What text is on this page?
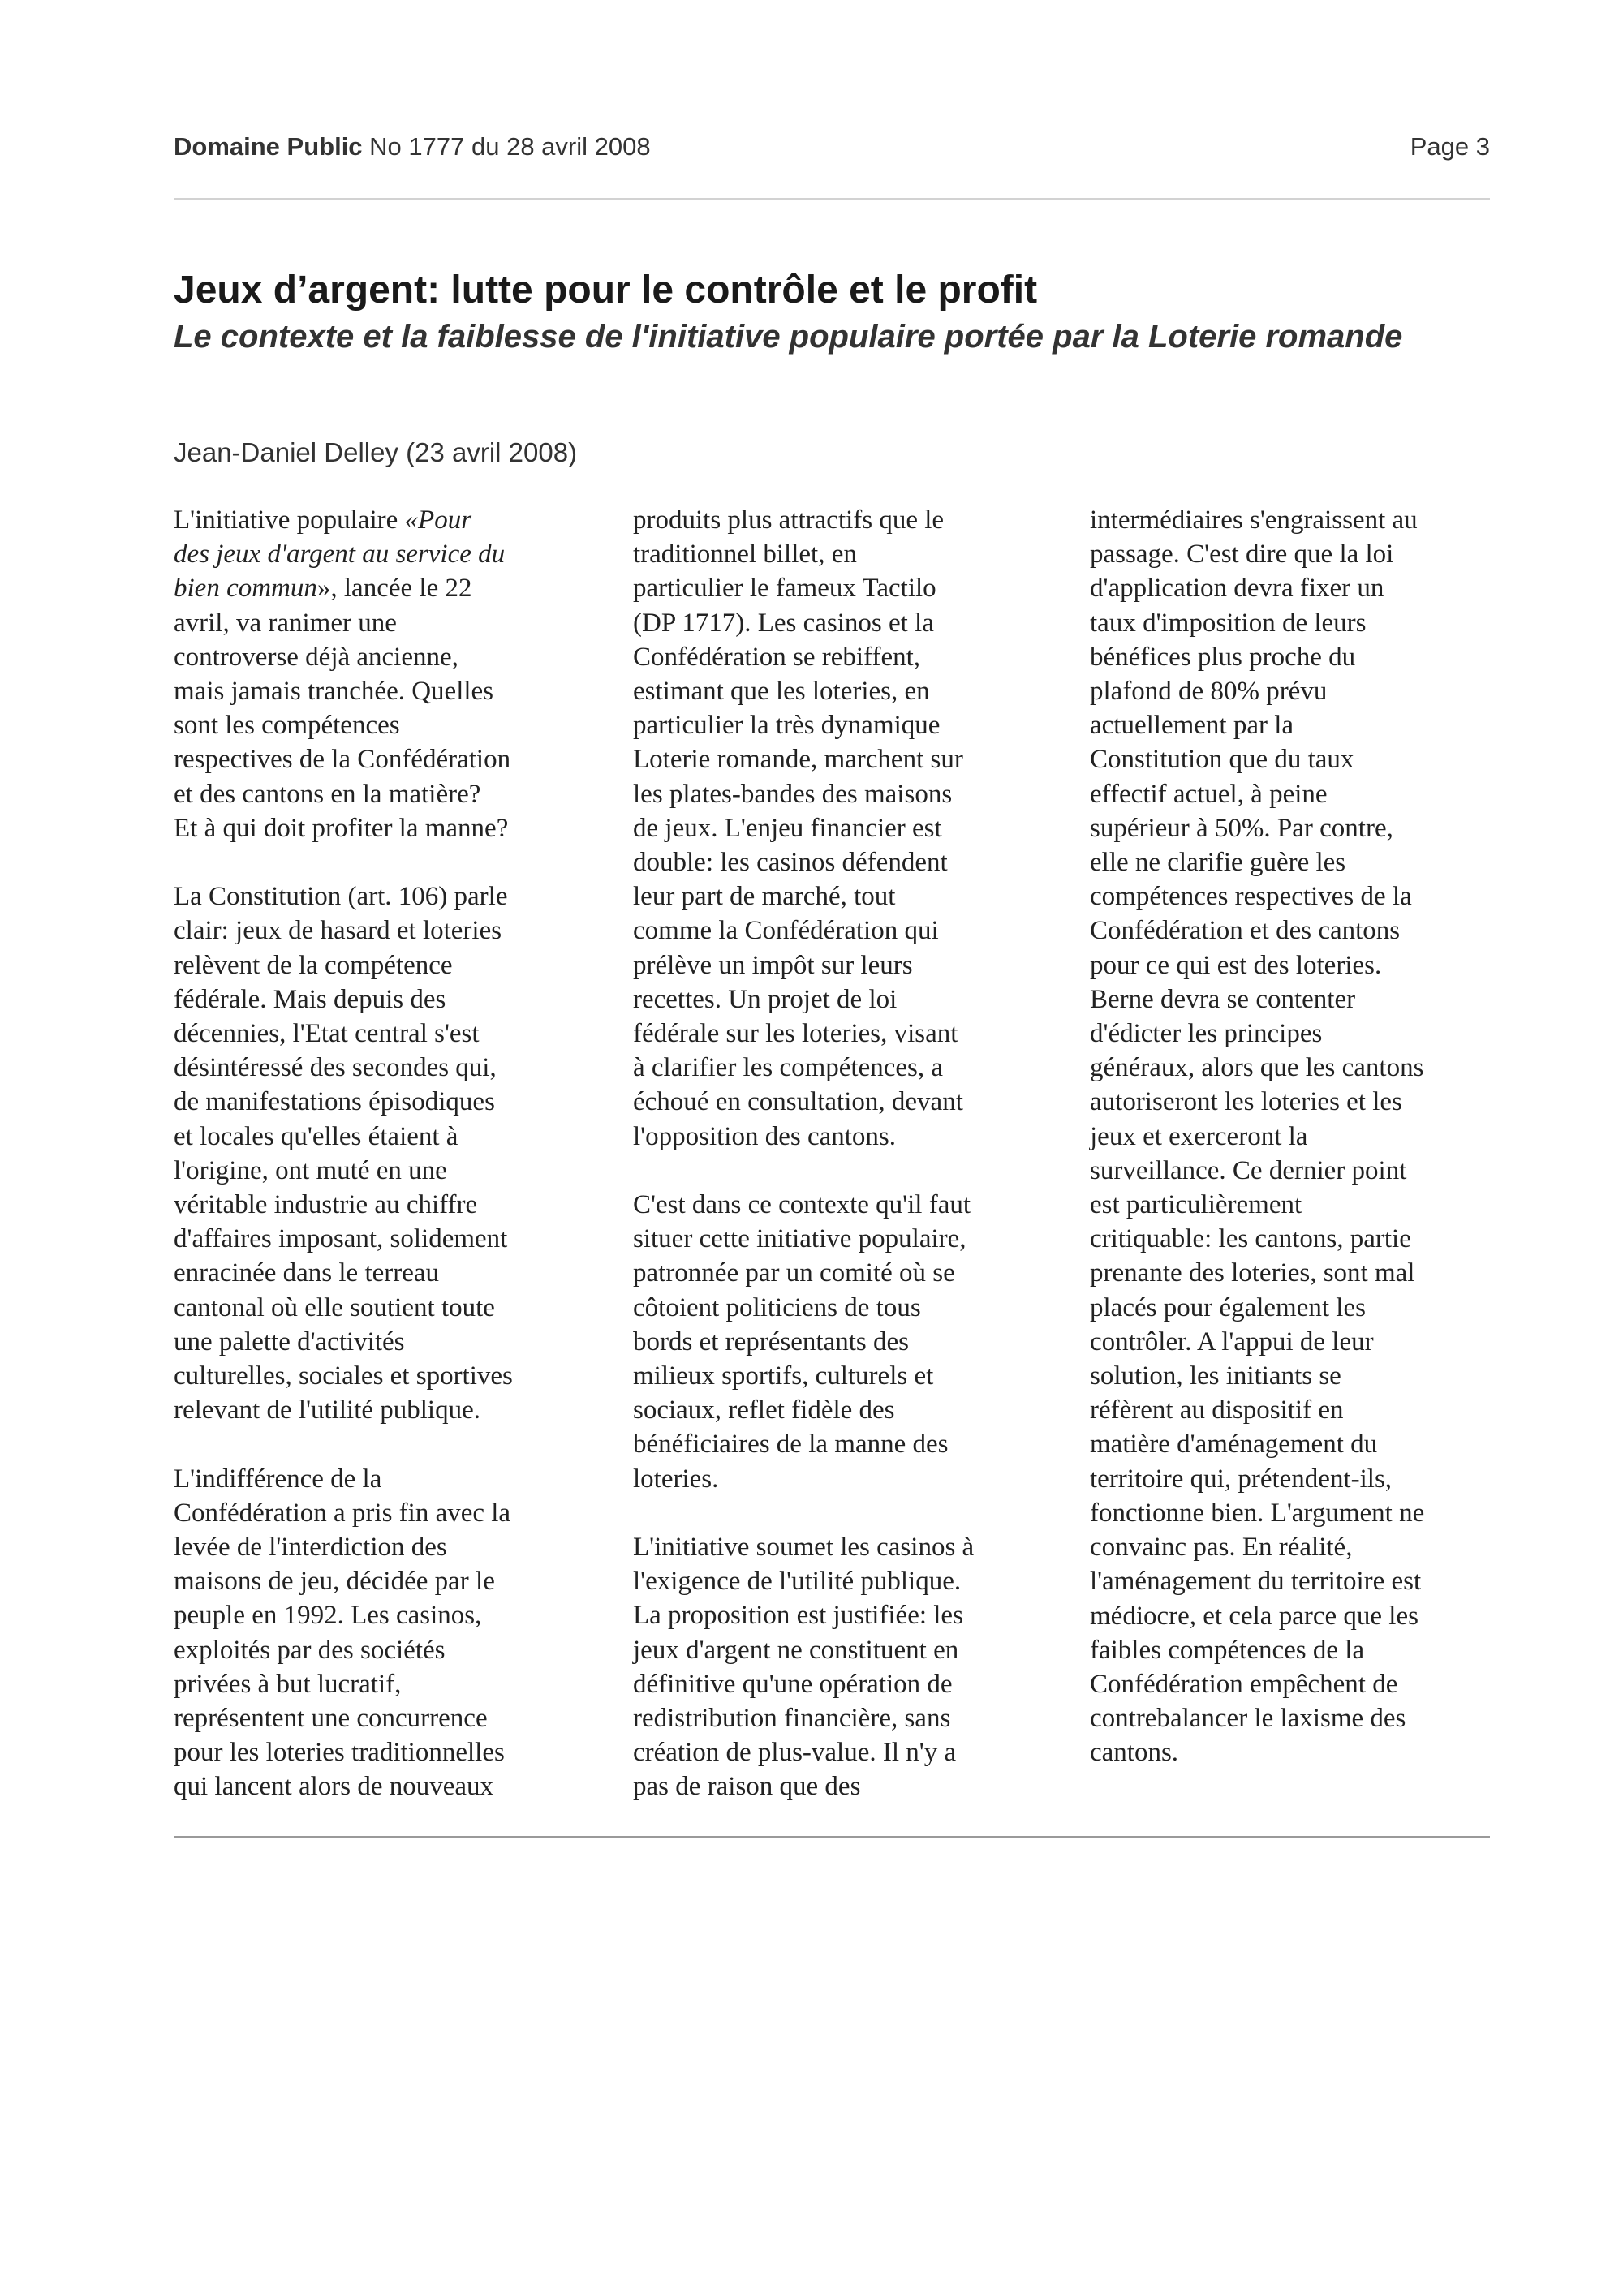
Domaine Public No 1777 du 28 avril 2008	Page 3
Jeux d’argent: lutte pour le contrôle et le profit
Le contexte et la faiblesse de l'initiative populaire portée par la Loterie romande
Jean-Daniel Delley (23 avril 2008)

L'initiative populaire «Pour
des jeux d'argent au service du
bien commun», lancée le 22
avril, va ranimer une
controverse déjà ancienne,
mais jamais tranchée. Quelles
sont les compétences
respectives de la Confédération
et des cantons en la matière?
Et à qui doit profiter la manne?

La Constitution (art. 106) parle
clair: jeux de hasard et loteries
relèvent de la compétence
fédérale. Mais depuis des
décennies, l'Etat central s'est
désintéressé des secondes qui,
de manifestations épisodiques
et locales qu'elles étaient à
l'origine, ont muté en une
véritable industrie au chiffre
d'affaires imposant, solidement
enracinée dans le terreau
cantonal où elle soutient toute
une palette d'activités
culturelles, sociales et sportives
relevant de l'utilité publique.

L'indifférence de la
Confédération a pris fin avec la
levée de l'interdiction des
maisons de jeu, décidée par le
peuple en 1992. Les casinos,
exploités par des sociétés
privées à but lucratif,
représentent une concurrence
pour les loteries traditionnelles
qui lancent alors de nouveaux

produits plus attractifs que le
traditionnel billet, en
particulier le fameux Tactilo
(DP 1717). Les casinos et la
Confédération se rebiffent,
estimant que les loteries, en
particulier la très dynamique
Loterie romande, marchent sur
les plates-bandes des maisons
de jeux. L'enjeu financier est
double: les casinos défendent
leur part de marché, tout
comme la Confédération qui
prélève un impôt sur leurs
recettes. Un projet de loi
fédérale sur les loteries, visant
à clarifier les compétences, a
échoué en consultation, devant
l'opposition des cantons.

C'est dans ce contexte qu'il faut
situer cette initiative populaire,
patronnée par un comité où se
côtoient politiciens de tous
bords et représentants des
milieux sportifs, culturels et
sociaux, reflet fidèle des
bénéficiaires de la manne des
loteries.

L'initiative soumet les casinos à
l'exigence de l'utilité publique.
La proposition est justifiée: les
jeux d'argent ne constituent en
définitive qu'une opération de
redistribution financière, sans
création de plus-value. Il n'y a
pas de raison que des

intermédiaires s'engraissent au
passage. C'est dire que la loi
d'application devra fixer un
taux d'imposition de leurs
bénéfices plus proche du
plafond de 80% prévu
actuellement par la
Constitution que du taux
effectif actuel, à peine
supérieur à 50%. Par contre,
elle ne clarifie guère les
compétences respectives de la
Confédération et des cantons
pour ce qui est des loteries.
Berne devra se contenter
d'édicter les principes
généraux, alors que les cantons
autoriseront les loteries et les
jeux et exerceront la
surveillance. Ce dernier point
est particulièrement
critiquable: les cantons, partie
prenante des loteries, sont mal
placés pour également les
contrôler. A l'appui de leur
solution, les initiants se
réfèrent au dispositif en
matière d'aménagement du
territoire qui, prétendent-ils,
fonctionne bien. L'argument ne
convainc pas. En réalité,
l'aménagement du territoire est
médiocre, et cela parce que les
faibles compétences de la
Confédération empêchent de
contrebalancer le laxisme des
cantons.
